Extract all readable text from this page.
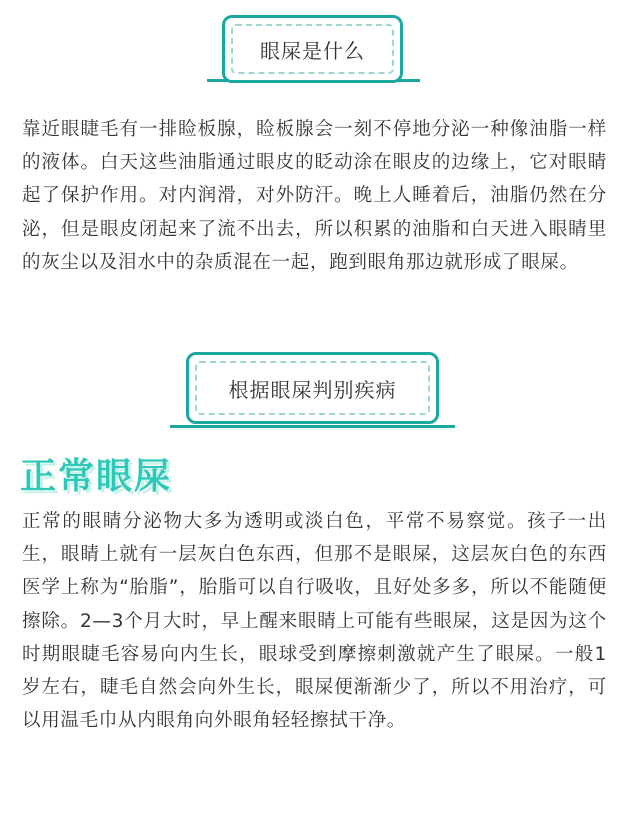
眼屎是什么

靠近眼睫毛有一排睑板腺，睑板腺会一刻不停地分泌一种像油脂一样的液体。白天这些油脂通过眼皮的眨动涂在眼皮的边缘上，它对眼睛起了保护作用。对内润滑，对外防汗。晚上人睡着后，油脂仍然在分泌，但是眼皮闭起来了流不出去，所以积累的油脂和白天进入眼睛里的灰尘以及泪水中的杂质混在一起，跑到眼角那边就形成了眼屎。

根据眼屎判别疾病
正常眼屎

正常的眼睛分泌物大多为透明或淡白色，平常不易察觉。孩子一出生，眼睛上就有一层灰白色东西，但那不是眼屎，这层灰白色的东西医学上称为“胎脂”，胎脂可以自行吸收，且好处多多，所以不能随便擦除。2—3个月大时，早上醒来眼睛上可能有些眼屎，这是因为这个时期眼睫毛容易向内生长，眼球受到摩擦刺激就产生了眼屎。一般1岁左右，睫毛自然会向外生长，眼屎便渐渐少了，所以不用治疗，可以用温毛巾从内眼角向外眼角轻轻擦拭干净。
